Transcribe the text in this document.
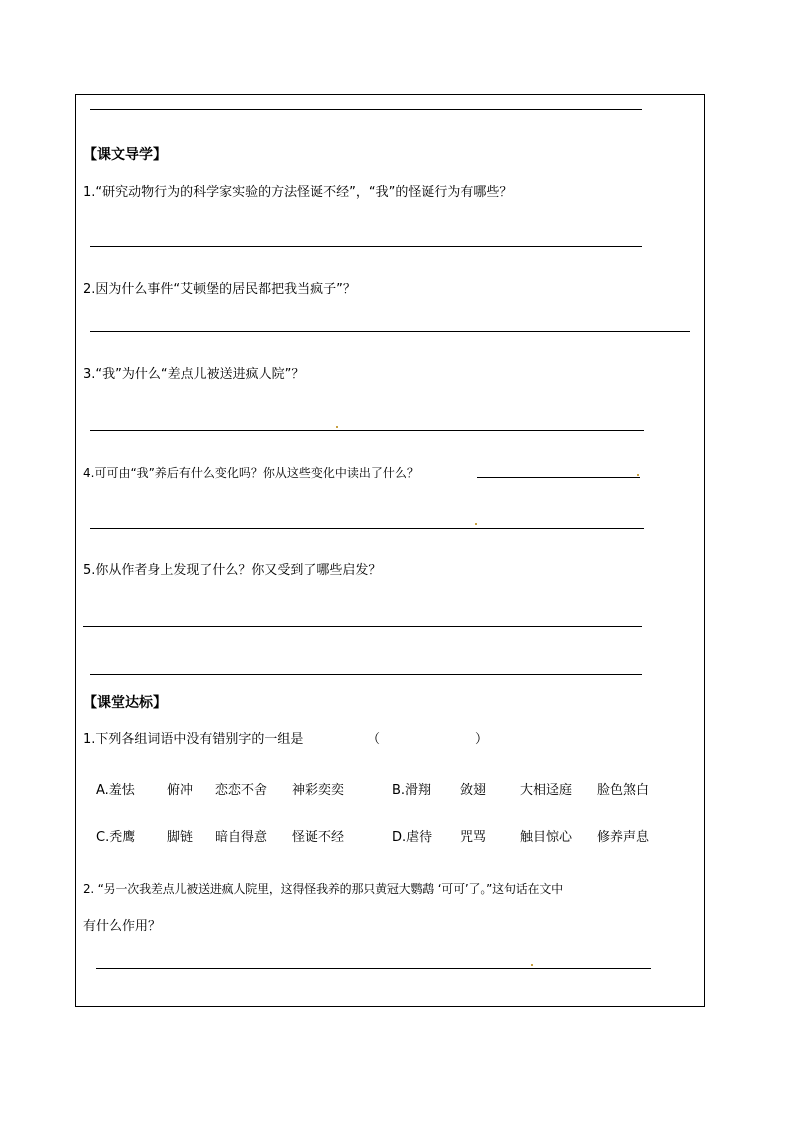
【课文导学】
1.“研究动物行为的科学家实验的方法怪诞不经”，“我”的怪诞行为有哪些？
2.因为什么事件“艾顿堡的居民都把我当疯子”？
3.“我”为什么“差点儿被送进疯人院”？
4.可可由“我”养后有什么变化吗？你从这些变化中读出了什么？
5.你从作者身上发现了什么？你又受到了哪些启发？
【课堂达标】
1.下列各组词语中没有错别字的一组是	（	）
A.羞怯 俯冲 恋恋不舍 神彩奕奕	B.滑翔 敛翅	大相迳庭 脸色煞白
C.秃鹰 脚链 暗自得意 怪诞不经	D.虐待 咒骂	触目惊心 修养声息
2. “另一次我差点儿被送进疯人院里，这得怪我养的那只黄冠大鹦鹉 ‘可可’了。”这句话在文中
有什么作用？
